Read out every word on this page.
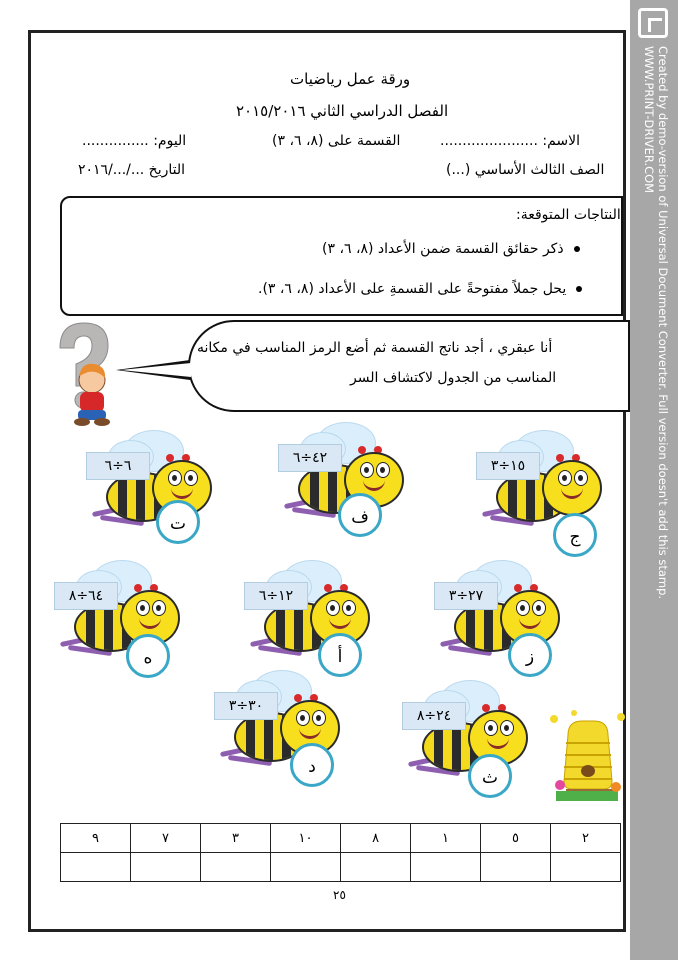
Created by demo-version of Universal Document Converter. Full version doesn't add this stamp.
WWW.PRINT-DRIVER.COM
ورقة عمل رياضيات
الفصل الدراسي الثاني ٢٠١٥/٢٠١٦
الاسم: ......................
القسمة على (٨، ٦، ٣)
اليوم: ...............
الصف الثالث الأساسي (...)
التاريخ .../.../٢٠١٦
النتاجات المتوقعة:
ذكر حقائق القسمة ضمن الأعداد (٨، ٦، ٣)
يحل جملاً مفتوحةً على القسمةِ على الأعداد (٨، ٦، ٣).
أنا عبقري ، أجد ناتج القسمة ثم أضع الرمز المناسب في مكانه
المناسب من الجدول لاكتشاف السر
٦÷٦
ت
٤٢÷٦
ف
١٥÷٣
ج
٦٤÷٨
ه
١٢÷٦
أ
٢٧÷٣
ز
٣٠÷٣
د
٢٤÷٨
ث
٢	٥	١	٨	١٠	٣	٧	٩

٢٥
